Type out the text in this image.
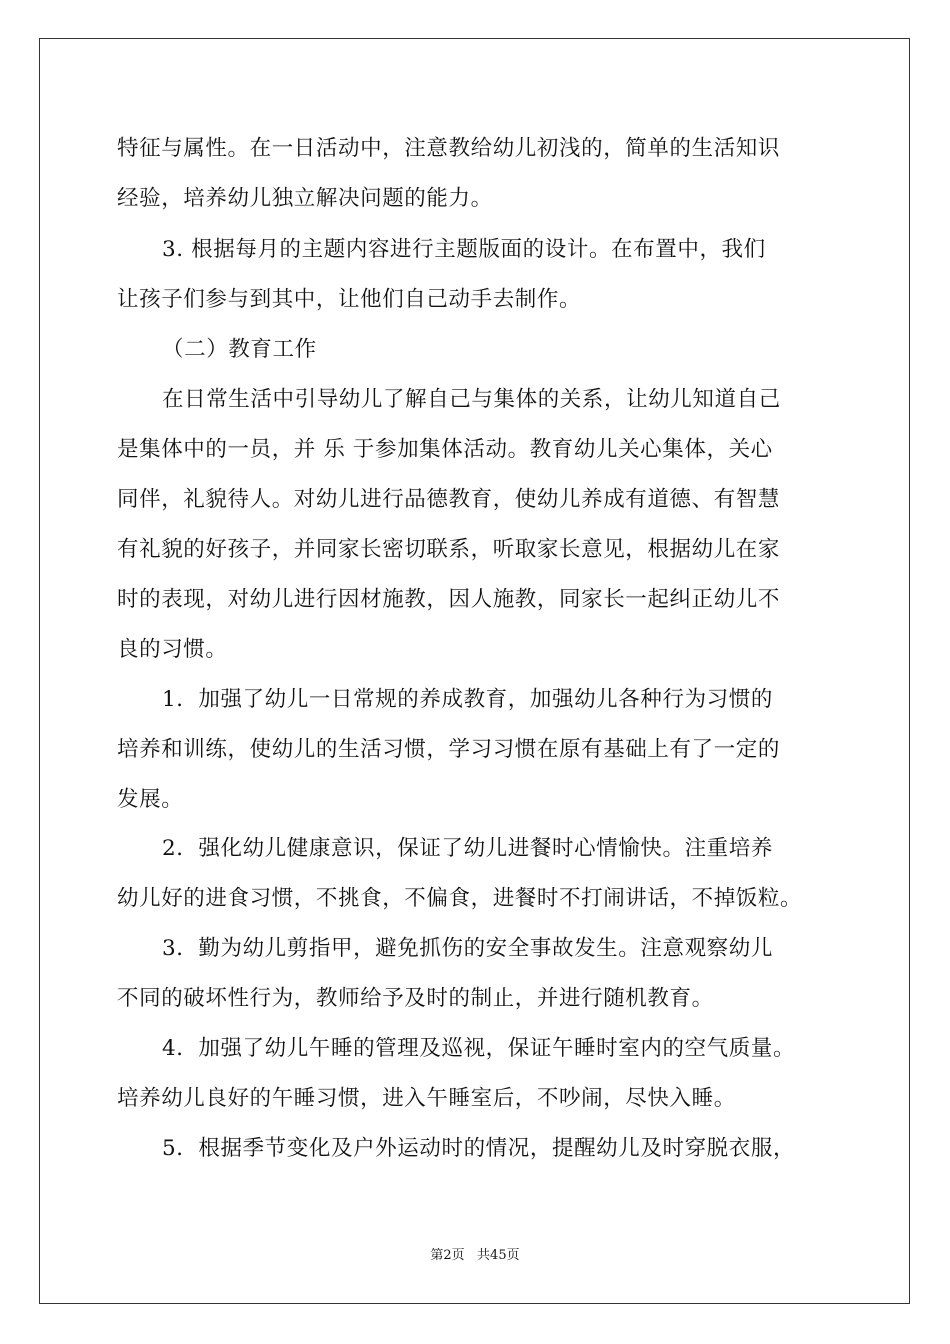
特征与属性。在一日活动中，注意教给幼儿初浅的，简单的生活知识
经验，培养幼儿独立解决问题的能力。
3. 根据每月的主题内容进行主题版面的设计。在布置中，我们
让孩子们参与到其中，让他们自己动手去制作。
（二）教育工作
在日常生活中引导幼儿了解自己与集体的关系，让幼儿知道自己
是集体中的一员，并 乐 于参加集体活动。教育幼儿关心集体，关心
同伴，礼貌待人。对幼儿进行品德教育，使幼儿养成有道德、有智慧
有礼貌的好孩子，并同家长密切联系，听取家长意见，根据幼儿在家
时的表现，对幼儿进行因材施教，因人施教，同家长一起纠正幼儿不
良的习惯。
1．加强了幼儿一日常规的养成教育，加强幼儿各种行为习惯的
培养和训练，使幼儿的生活习惯，学习习惯在原有基础上有了一定的
发展。
2．强化幼儿健康意识，保证了幼儿进餐时心情愉快。注重培养
幼儿好的进食习惯，不挑食，不偏食，进餐时不打闹讲话，不掉饭粒。
3．勤为幼儿剪指甲，避免抓伤的安全事故发生。注意观察幼儿
不同的破坏性行为，教师给予及时的制止，并进行随机教育。
4．加强了幼儿午睡的管理及巡视，保证午睡时室内的空气质量。
培养幼儿良好的午睡习惯，进入午睡室后，不吵闹，尽快入睡。
5．根据季节变化及户外运动时的情况，提醒幼儿及时穿脱衣服，
第2页   共45页
